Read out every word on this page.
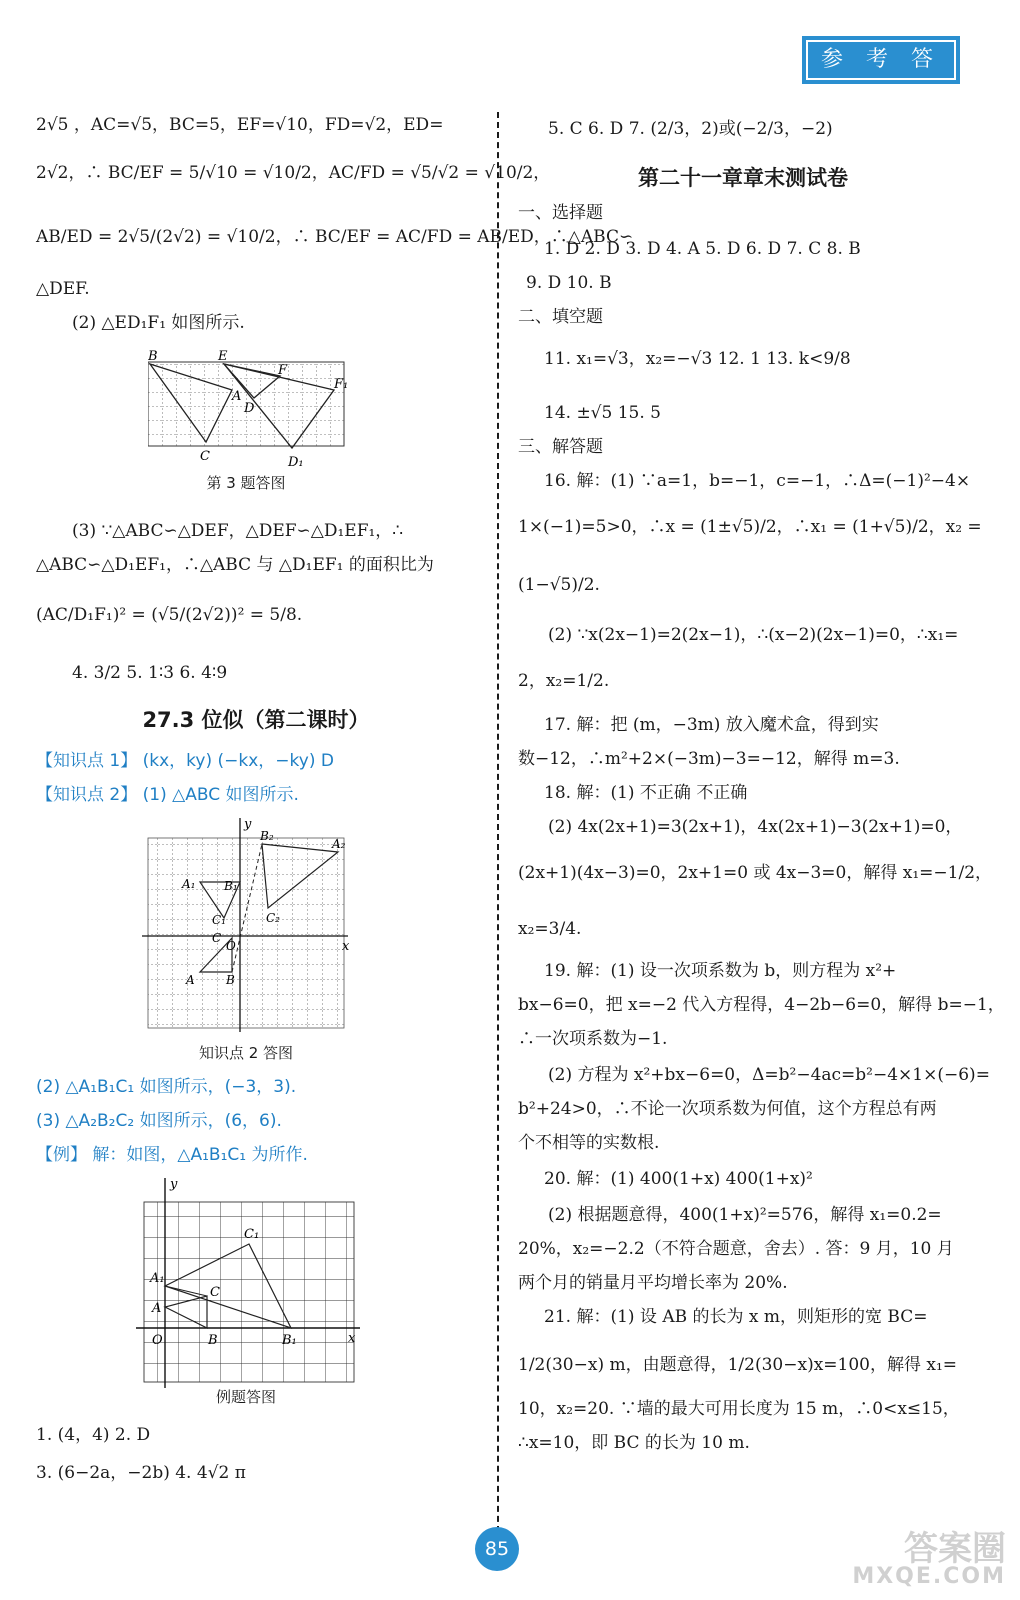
参 考 答 案
2√5 ，AC=√5，BC=5，EF=√10，FD=√2，ED=
2√2，∴ BC/EF = 5/√10 = √10/2，AC/FD = √5/√2 = √10/2，
AB/ED = 2√5/(2√2) = √10/2，∴ BC/EF = AC/FD = AB/ED，∴△ABC∽
△DEF.
(2) △ED₁F₁ 如图所示.
B	E
F
A
D
F₁
C	D₁
第 3 题答图
(3) ∵△ABC∽△DEF，△DEF∽△D₁EF₁，∴
△ABC∽△D₁EF₁，∴△ABC 与 △D₁EF₁ 的面积比为
(AC/D₁F₁)² = (√5/(2√2))² = 5/8.
4. 3/2 5. 1∶3 6. 4∶9
27.3 位似（第二课时）
【知识点 1】 (kx，ky) (−kx，−ky) D
【知识点 2】 (1) △ABC 如图所示.
y
x
B₂
A₂
A₁ B₁
C
C₁
O
C₂
A	B
知识点 2 答图
(2) △A₁B₁C₁ 如图所示，(−3，3).
(3) △A₂B₂C₂ 如图所示，(6，6).
【例】 解：如图，△A₁B₁C₁ 为所作.
y
x
C₁
A₁
C
A
O	B	B₁
例题答图
1. (4，4) 2. D
3. (6−2a，−2b) 4. 4√2 π
5. C 6. D 7. (2/3，2)或(−2/3，−2)
第二十一章章末测试卷
一、选择题
1. D 2. D 3. D 4. A 5. D 6. D 7. C 8. B
9. D 10. B
二、填空题
11. x₁=√3，x₂=−√3 12. 1 13. k<9/8
14. ±√5 15. 5
三、解答题
16. 解：(1) ∵a=1，b=−1，c=−1，∴Δ=(−1)²−4×
1×(−1)=5>0，∴x = (1±√5)/2，∴x₁ = (1+√5)/2，x₂ =
(1−√5)/2.
(2) ∵x(2x−1)=2(2x−1)，∴(x−2)(2x−1)=0，∴x₁=
2，x₂=1/2.
17. 解：把 (m，−3m) 放入魔术盒，得到实
数−12，∴m²+2×(−3m)−3=−12，解得 m=3.
18. 解：(1) 不正确 不正确
(2) 4x(2x+1)=3(2x+1)，4x(2x+1)−3(2x+1)=0，
(2x+1)(4x−3)=0，2x+1=0 或 4x−3=0，解得 x₁=−1/2，
x₂=3/4.
19. 解：(1) 设一次项系数为 b，则方程为 x²+
bx−6=0，把 x=−2 代入方程得，4−2b−6=0，解得 b=−1，
∴一次项系数为−1.
(2) 方程为 x²+bx−6=0，Δ=b²−4ac=b²−4×1×(−6)=
b²+24>0，∴不论一次项系数为何值，这个方程总有两
个不相等的实数根.
20. 解：(1) 400(1+x) 400(1+x)²
(2) 根据题意得，400(1+x)²=576，解得 x₁=0.2=
20%，x₂=−2.2（不符合题意，舍去）. 答：9 月，10 月
两个月的销量月平均增长率为 20%.
21. 解：(1) 设 AB 的长为 x m，则矩形的宽 BC=
1/2(30−x) m，由题意得，1/2(30−x)x=100，解得 x₁=
10，x₂=20. ∵墙的最大可用长度为 15 m，∴0<x≤15，
∴x=10，即 BC 的长为 10 m.
85	答案圈
MXQE.COM
